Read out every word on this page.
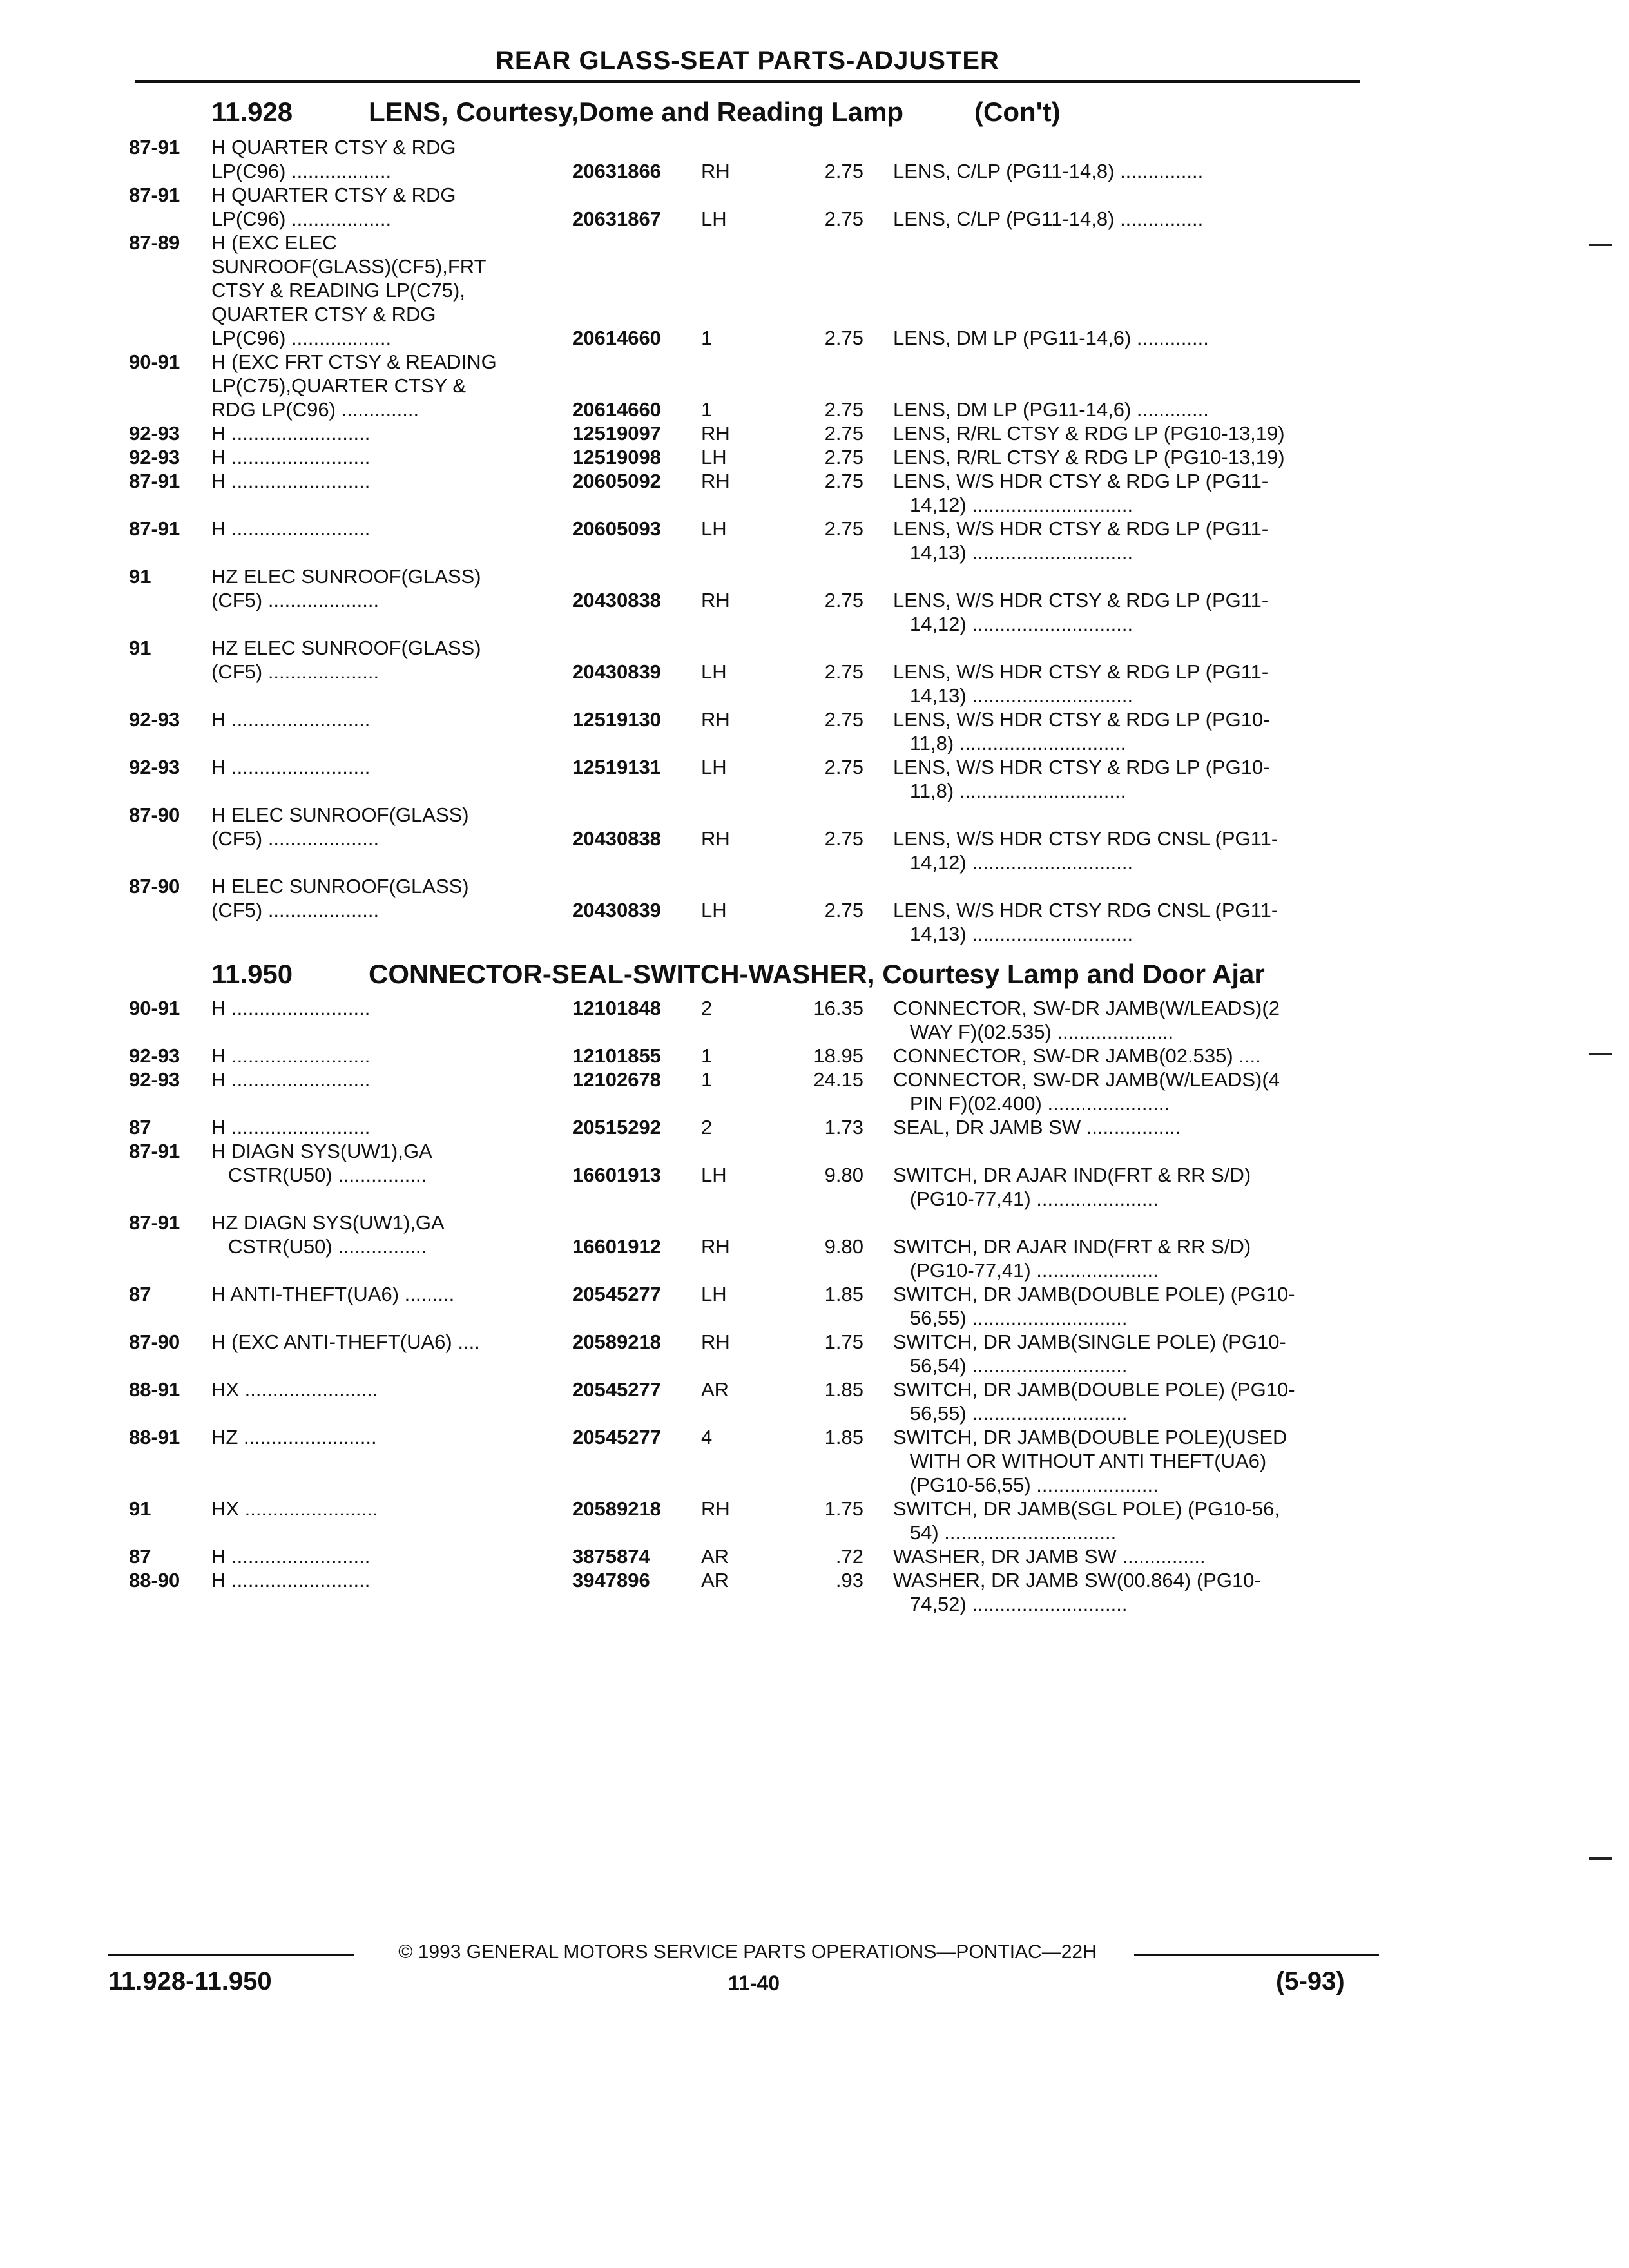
REAR GLASS-SEAT PARTS-ADJUSTER
11.928	LENS, Courtesy,Dome and Reading Lamp	(Con't)
11.950	CONNECTOR-SEAL-SWITCH-WASHER, Courtesy Lamp and Door Ajar
87-91 H QUARTER CTSY & RDG
LP(C96) ..................	20631866 RH	2.75 LENS, C/LP (PG11-14,8) ...............
87-91 H QUARTER CTSY & RDG
LP(C96) ..................	20631867 LH	2.75 LENS, C/LP (PG11-14,8) ...............
87-89 H (EXC ELEC
SUNROOF(GLASS)(CF5),FRT
CTSY & READING LP(C75),
QUARTER CTSY & RDG
LP(C96) ..................	20614660 1	2.75 LENS, DM LP (PG11-14,6) .............
90-91 H (EXC FRT CTSY & READING
LP(C75),QUARTER CTSY &
RDG LP(C96) ..............	20614660 1	2.75 LENS, DM LP (PG11-14,6) .............
92-93 H .........................	12519097 RH	2.75 LENS, R/RL CTSY & RDG LP (PG10-13,19)
92-93 H .........................	12519098 LH	2.75 LENS, R/RL CTSY & RDG LP (PG10-13,19)
87-91 H .........................	20605092 RH	2.75 LENS, W/S HDR CTSY & RDG LP (PG11-
14,12) .............................
87-91 H .........................	20605093 LH	2.75 LENS, W/S HDR CTSY & RDG LP (PG11-
14,13) .............................
91	HZ ELEC SUNROOF(GLASS)
(CF5) ....................	20430838 RH	2.75 LENS, W/S HDR CTSY & RDG LP (PG11-
14,12) .............................
91	HZ ELEC SUNROOF(GLASS)
(CF5) ....................	20430839 LH	2.75 LENS, W/S HDR CTSY & RDG LP (PG11-
14,13) .............................
92-93 H .........................	12519130 RH	2.75 LENS, W/S HDR CTSY & RDG LP (PG10-
11,8) ..............................
92-93 H .........................	12519131 LH	2.75 LENS, W/S HDR CTSY & RDG LP (PG10-
11,8) ..............................
87-90 H ELEC SUNROOF(GLASS)
(CF5) ....................	20430838 RH	2.75 LENS, W/S HDR CTSY RDG CNSL (PG11-
14,12) .............................
87-90 H ELEC SUNROOF(GLASS)
(CF5) ....................	20430839 LH	2.75 LENS, W/S HDR CTSY RDG CNSL (PG11-
14,13) .............................
90-91 H .........................	12101848 2	16.35 CONNECTOR, SW-DR JAMB(W/LEADS)(2
WAY F)(02.535) .....................
92-93 H .........................	12101855 1	18.95 CONNECTOR, SW-DR JAMB(02.535) ....
92-93 H .........................	12102678 1	24.15 CONNECTOR, SW-DR JAMB(W/LEADS)(4
PIN F)(02.400) ......................
87	H .........................	20515292 2	1.73 SEAL, DR JAMB SW .................
87-91 H DIAGN SYS(UW1),GA
CSTR(U50) ................	16601913 LH	9.80 SWITCH, DR AJAR IND(FRT & RR S/D)
(PG10-77,41) ......................
87-91 HZ DIAGN SYS(UW1),GA
CSTR(U50) ................	16601912 RH	9.80 SWITCH, DR AJAR IND(FRT & RR S/D)
(PG10-77,41) ......................
87	H ANTI-THEFT(UA6) .........	20545277 LH	1.85 SWITCH, DR JAMB(DOUBLE POLE) (PG10-
56,55) ............................
87-90 H (EXC ANTI-THEFT(UA6) ....	20589218 RH	1.75 SWITCH, DR JAMB(SINGLE POLE) (PG10-
56,54) ............................
88-91 HX ........................	20545277 AR	1.85 SWITCH, DR JAMB(DOUBLE POLE) (PG10-
56,55) ............................
88-91 HZ ........................	20545277 4	1.85 SWITCH, DR JAMB(DOUBLE POLE)(USED
WITH OR WITHOUT ANTI THEFT(UA6)
(PG10-56,55) ......................
91	HX ........................	20589218 RH	1.75 SWITCH, DR JAMB(SGL POLE) (PG10-56,
54) ...............................
87	H .........................	3875874	AR	.72 WASHER, DR JAMB SW ...............
88-90 H .........................	3947896	AR	.93 WASHER, DR JAMB SW(00.864) (PG10-
74,52) ............................
© 1993 GENERAL MOTORS SERVICE PARTS OPERATIONS—PONTIAC—22H
11.928-11.950	11-40	(5-93)
